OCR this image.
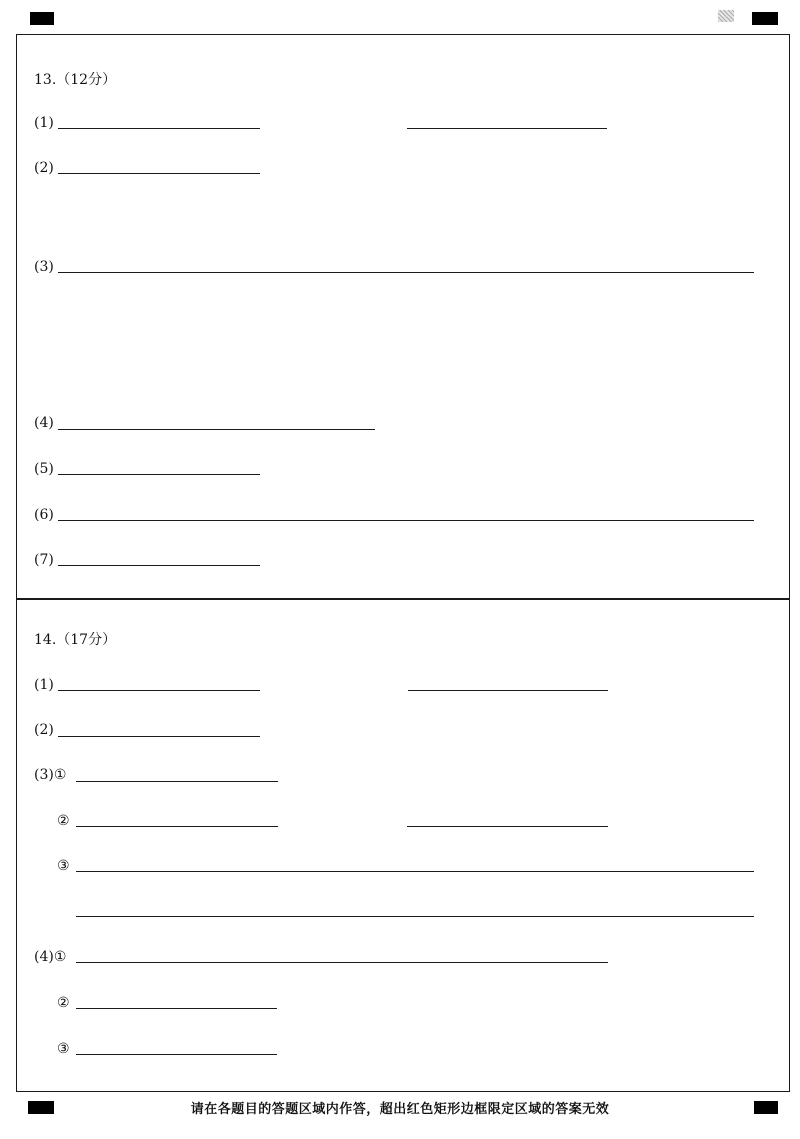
13.（12分）
(1)
(2)
(3)
(4)
(5)
(6)
(7)
14.（17分）
(1)
(2)
(3)①
②
③
(4)①
②
③
请在各题目的答题区域内作答，超出红色矩形边框限定区域的答案无效
